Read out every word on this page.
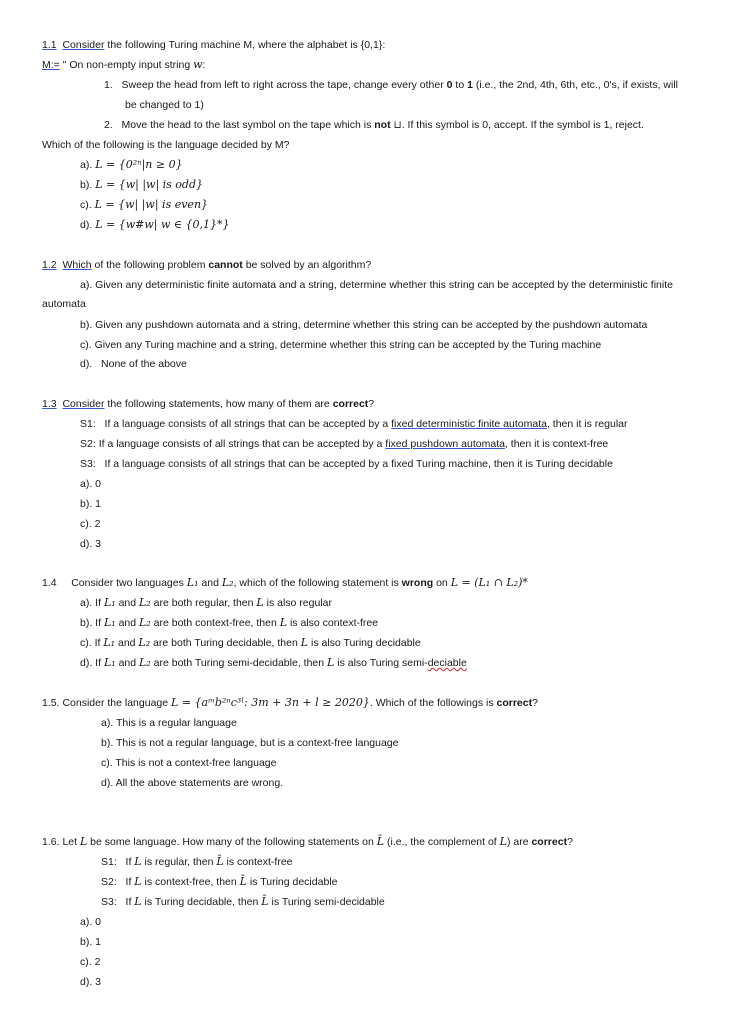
1.1 Consider the following Turing machine M, where the alphabet is {0,1}:
M:= " On non-empty input string w:
1. Sweep the head from left to right across the tape, change every other 0 to 1 (i.e., the 2nd, 4th, 6th, etc., 0's, if exists, will
be changed to 1)
2. Move the head to the last symbol on the tape which is not ⊔. If this symbol is 0, accept. If the symbol is 1, reject.
Which of the following is the language decided by M?
a). L = {0²ⁿ|n ≥ 0}
b). L = {w| |w| is odd}
c). L = {w| |w| is even}
d). L = {w#w| w ∈ {0,1}*}
1.2 Which of the following problem cannot be solved by an algorithm?
a). Given any deterministic finite automata and a string, determine whether this string can be accepted by the deterministic finite
automata
b). Given any pushdown automata and a string, determine whether this string can be accepted by the pushdown automata
c). Given any Turing machine and a string, determine whether this string can be accepted by the Turing machine
d). None of the above
1.3 Consider the following statements, how many of them are correct?
S1: If a language consists of all strings that can be accepted by a fixed deterministic finite automata, then it is regular
S2: If a language consists of all strings that can be accepted by a fixed pushdown automata, then it is context-free
S3: If a language consists of all strings that can be accepted by a fixed Turing machine, then it is Turing decidable
a). 0
b). 1
c). 2
d). 3
1.4 Consider two languages L₁ and L₂, which of the following statement is wrong on L = (L₁ ∩ L₂)*
a). If L₁ and L₂ are both regular, then L is also regular
b). If L₁ and L₂ are both context-free, then L is also context-free
c). If L₁ and L₂ are both Turing decidable, then L is also Turing decidable
d). If L₁ and L₂ are both Turing semi-decidable, then L is also Turing semi-deciable
1.5. Consider the language L = {aᵐb²ⁿc³ˡ: 3m + 3n + l ≥ 2020}. Which of the followings is correct?
a). This is a regular language
b). This is not a regular language, but is a context-free language
c). This is not a context-free language
d). All the above statements are wrong.
1.6. Let L be some language. How many of the following statements on L̄ (i.e., the complement of L) are correct?
S1: If L is regular, then L̄ is context-free
S2: If L is context-free, then L̄ is Turing decidable
S3: If L is Turing decidable, then L̄ is Turing semi-decidable
a). 0
b). 1
c). 2
d). 3
